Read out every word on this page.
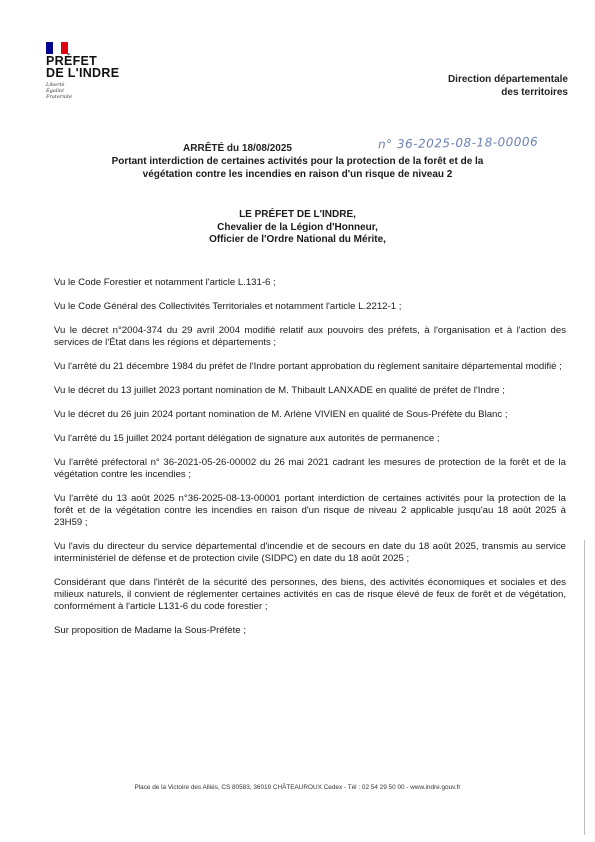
PRÉFET
DE L'INDRE
Liberté
Égalité
Fraternité
Direction départementale
des territoires
n° 36-2025-08-18-00006
ARRÊTÉ du 18/08/2025
Portant interdiction de certaines activités pour la protection de la forêt et de la
végétation contre les incendies en raison d'un risque de niveau 2
LE PRÉFET DE L'INDRE,
Chevalier de la Légion d'Honneur,
Officier de l'Ordre National du Mérite,

Vu le Code Forestier et notamment l'article L.131-6 ;

Vu le Code Général des Collectivités Territoriales et notamment l'article L.2212-1 ;

Vu le décret n°2004-374 du 29 avril 2004 modifié relatif aux pouvoirs des préfets, à l'organisation et à l'action des services de l'État dans les régions et départements ;

Vu l'arrêté du 21 décembre 1984 du préfet de l'Indre portant approbation du règlement sanitaire départemental modifié ;

Vu le décret du 13 juillet 2023 portant nomination de M. Thibault LANXADE en qualité de préfet de l'Indre ;

Vu le décret du 26 juin 2024 portant nomination de M. Arlène VIVIEN en qualité de Sous-Préfète du Blanc ;

Vu l'arrêté du 15 juillet 2024 portant délégation de signature aux autorités de permanence ;

Vu l'arrêté préfectoral n° 36-2021-05-26-00002 du 26 mai 2021 cadrant les mesures de protection de la forêt et de la végétation contre les incendies ;

Vu l'arrêté du 13 août 2025 n°36-2025-08-13-00001 portant interdiction de certaines activités pour la protection de la forêt et de la végétation contre les incendies en raison d'un risque de niveau 2 applicable jusqu'au 18 août 2025 à 23H59 ;

Vu l'avis du directeur du service départemental d'incendie et de secours en date du 18 août 2025, transmis au service interministériel de défense et de protection civile (SIDPC) en date du 18 août 2025 ;

Considérant que dans l'intérêt de la sécurité des personnes, des biens, des activités économiques et sociales et des milieux naturels, il convient de réglementer certaines activités en cas de risque élevé de feux de forêt et de végétation, conformément à l'article L131-6 du code forestier ;

Sur proposition de Madame la Sous-Préfète ;

Place de la Victoire des Alliés, CS 80583, 36019 CHÂTEAUROUX Cedex - Tél : 02 54 29 50 00 - www.indre.gouv.fr
